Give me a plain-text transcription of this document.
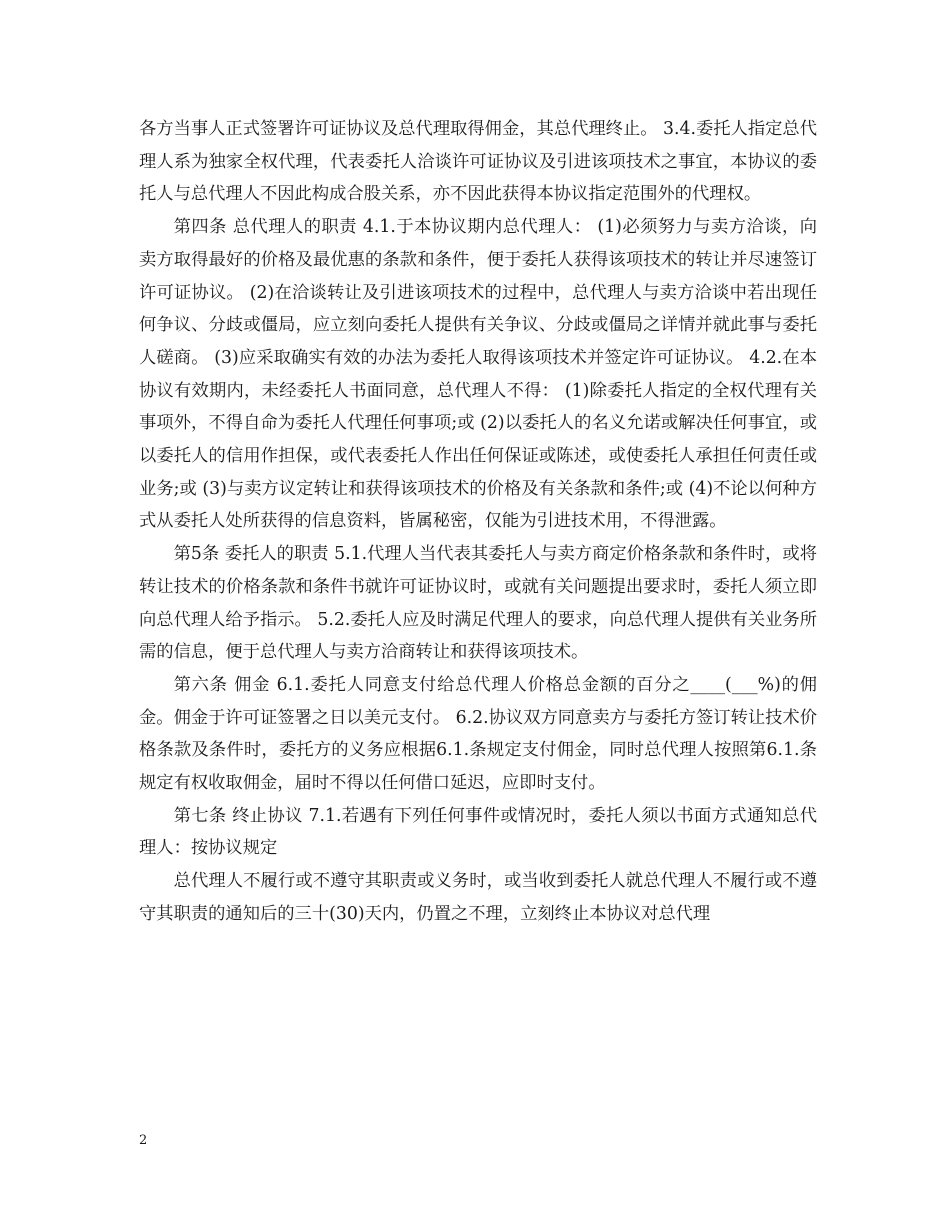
各方当事人正式签署许可证协议及总代理取得佣金，其总代理终止。 3.4.委托人指定总代理人系为独家全权代理，代表委托人洽谈许可证协议及引进该项技术之事宜，本协议的委托人与总代理人不因此构成合股关系，亦不因此获得本协议指定范围外的代理权。

第四条 总代理人的职责 4.1.于本协议期内总代理人： (1)必须努力与卖方洽谈，向卖方取得最好的价格及最优惠的条款和条件，便于委托人获得该项技术的转让并尽速签订许可证协议。 (2)在洽谈转让及引进该项技术的过程中，总代理人与卖方洽谈中若出现任何争议、分歧或僵局，应立刻向委托人提供有关争议、分歧或僵局之详情并就此事与委托人磋商。 (3)应采取确实有效的办法为委托人取得该项技术并签定许可证协议。 4.2.在本协议有效期内，未经委托人书面同意，总代理人不得： (1)除委托人指定的全权代理有关事项外，不得自命为委托人代理任何事项;或 (2)以委托人的名义允诺或解决任何事宜，或以委托人的信用作担保，或代表委托人作出任何保证或陈述，或使委托人承担任何责任或业务;或 (3)与卖方议定转让和获得该项技术的价格及有关条款和条件;或 (4)不论以何种方式从委托人处所获得的信息资料，皆属秘密，仅能为引进技术用，不得泄露。

第5条 委托人的职责 5.1.代理人当代表其委托人与卖方商定价格条款和条件时，或将转让技术的价格条款和条件书就许可证协议时，或就有关问题提出要求时，委托人须立即向总代理人给予指示。 5.2.委托人应及时满足代理人的要求，向总代理人提供有关业务所需的信息，便于总代理人与卖方洽商转让和获得该项技术。

第六条 佣金 6.1.委托人同意支付给总代理人价格总金额的百分之____(___%)的佣金。佣金于许可证签署之日以美元支付。 6.2.协议双方同意卖方与委托方签订转让技术价格条款及条件时，委托方的义务应根据6.1.条规定支付佣金，同时总代理人按照第6.1.条规定有权收取佣金，届时不得以任何借口延迟，应即时支付。

第七条 终止协议 7.1.若遇有下列任何事件或情况时，委托人须以书面方式通知总代理人：按协议规定

总代理人不履行或不遵守其职责或义务时，或当收到委托人就总代理人不履行或不遵守其职责的通知后的三十(30)天内，仍置之不理，立刻终止本协议对总代理

2
